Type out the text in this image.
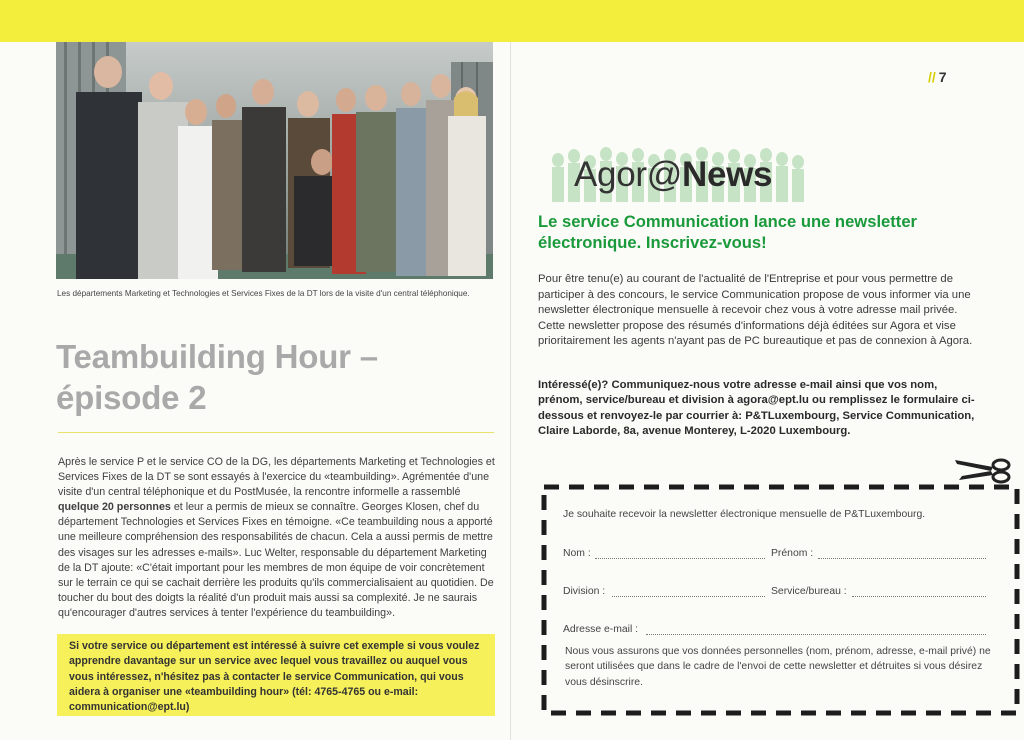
Les départements Marketing et Technologies et Services Fixes de la DT lors de la visite d'un central téléphonique.
Teambuilding Hour –
épisode 2

Après le service P et le service CO de la DG, les départements Marketing et Technologies et Services Fixes de la DT se sont essayés à l'exercice du «teambuilding». Agrémentée d'une visite d'un central téléphonique et du PostMusée, la rencontre informelle a rassemblé quelque 20 personnes et leur a permis de mieux se connaître. Georges Klosen, chef du département Technologies et Services Fixes en témoigne. «Ce teambuilding nous a apporté une meilleure compréhension des responsabilités de chacun. Cela a aussi permis de mettre des visages sur les adresses e-mails». Luc Welter, responsable du département Marketing de la DT ajoute: «C'était important pour les membres de mon équipe de voir concrètement sur le terrain ce qui se cachait derrière les produits qu'ils commercialisaient au quotidien. De toucher du bout des doigts la réalité d'un produit mais aussi sa complexité. Je ne saurais qu'encourager d'autres services à tenter l'expérience du teambuilding».

Si votre service ou département est intéressé à suivre cet exemple si vous voulez apprendre davantage sur un service avec lequel vous travaillez ou auquel vous vous intéressez, n'hésitez pas à contacter le service Communication, qui vous aidera à organiser une «teambuilding hour» (tél: 4765-4765 ou e-mail: communication@ept.lu)

// 7
Agor@News
Le service Communication lance une newsletter électronique. Inscrivez-vous!

Pour être tenu(e) au courant de l'actualité de l'Entreprise et pour vous permettre de participer à des concours, le service Communication propose de vous informer via une newsletter électronique mensuelle à recevoir chez vous à votre adresse mail privée. Cette newsletter propose des résumés d'informations déjà éditées sur Agora et vise prioritairement les agents n'ayant pas de PC bureautique et pas de connexion à Agora.

Intéressé(e)? Communiquez-nous votre adresse e-mail ainsi que vos nom, prénom, service/bureau et division à agora@ept.lu ou remplissez le formulaire ci-dessous et renvoyez-le par courrier à: P&TLuxembourg, Service Communication, Claire Laborde, 8a, avenue Monterey, L-2020 Luxembourg.

Je souhaite recevoir la newsletter électronique mensuelle de P&TLuxembourg.
Nom :	Prénom :
Division :	Service/bureau :
Adresse e-mail :

Nous vous assurons que vos données personnelles (nom, prénom, adresse, e-mail privé) ne seront utilisées que dans le cadre de l'envoi de cette newsletter et détruites si vous désirez vous désinscrire.
